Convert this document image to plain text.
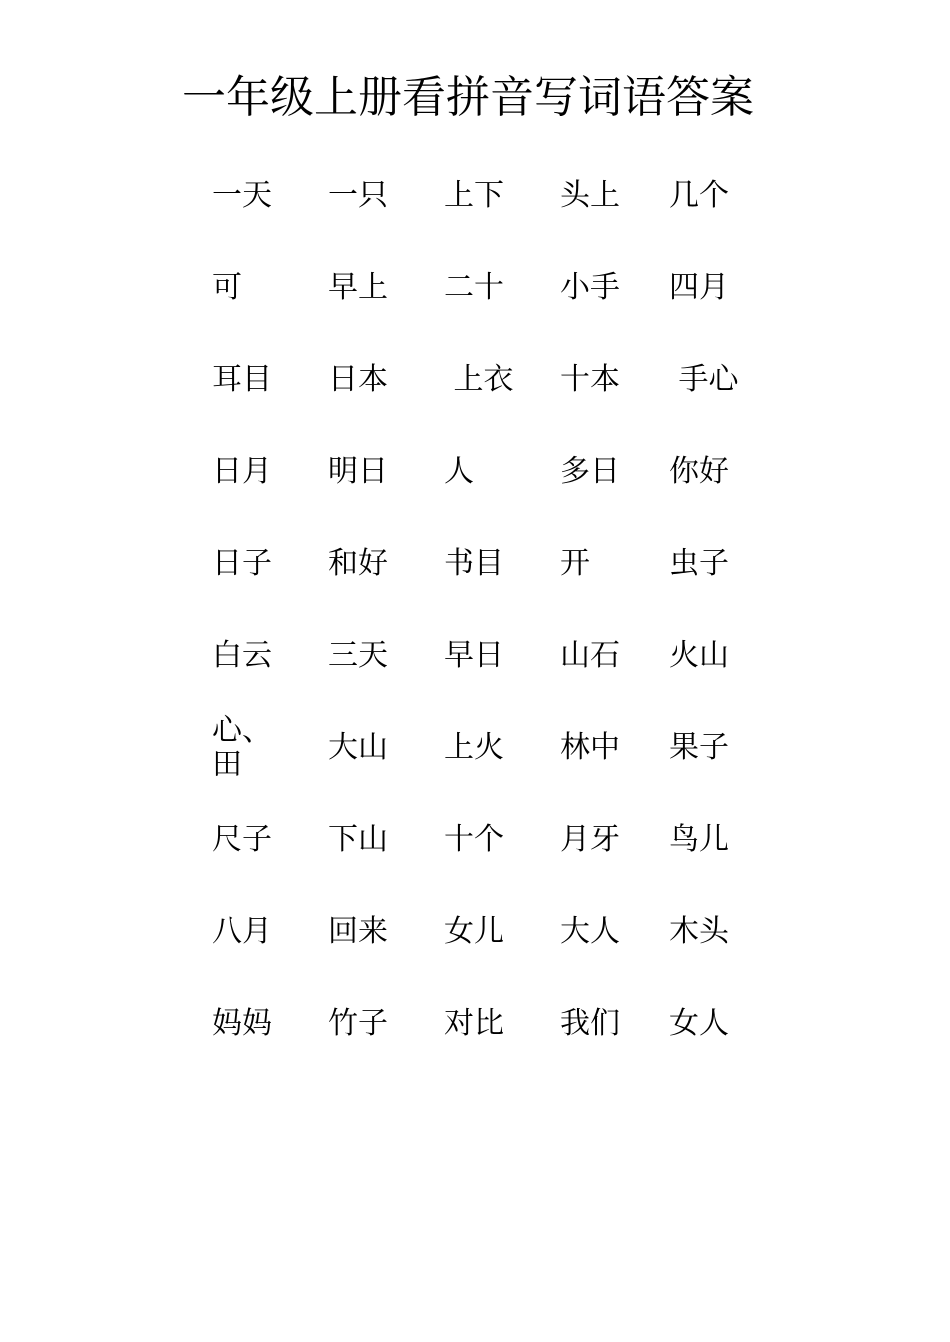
一年级上册看拼音写词语答案
一天 一只 上下 头上 几个
可	早上 二十 小手 四月
耳目 日本 上衣 十本 手心
日月 明日 人	多日 你好
日子 和好 书目 开	虫子
白云 三天 早日 山石 火山
心、田	大山 上火 林中 果子
尺子 下山 十个 月牙 鸟儿
八月 回来 女儿 大人 木头
妈妈 竹子 对比 我们 女人
